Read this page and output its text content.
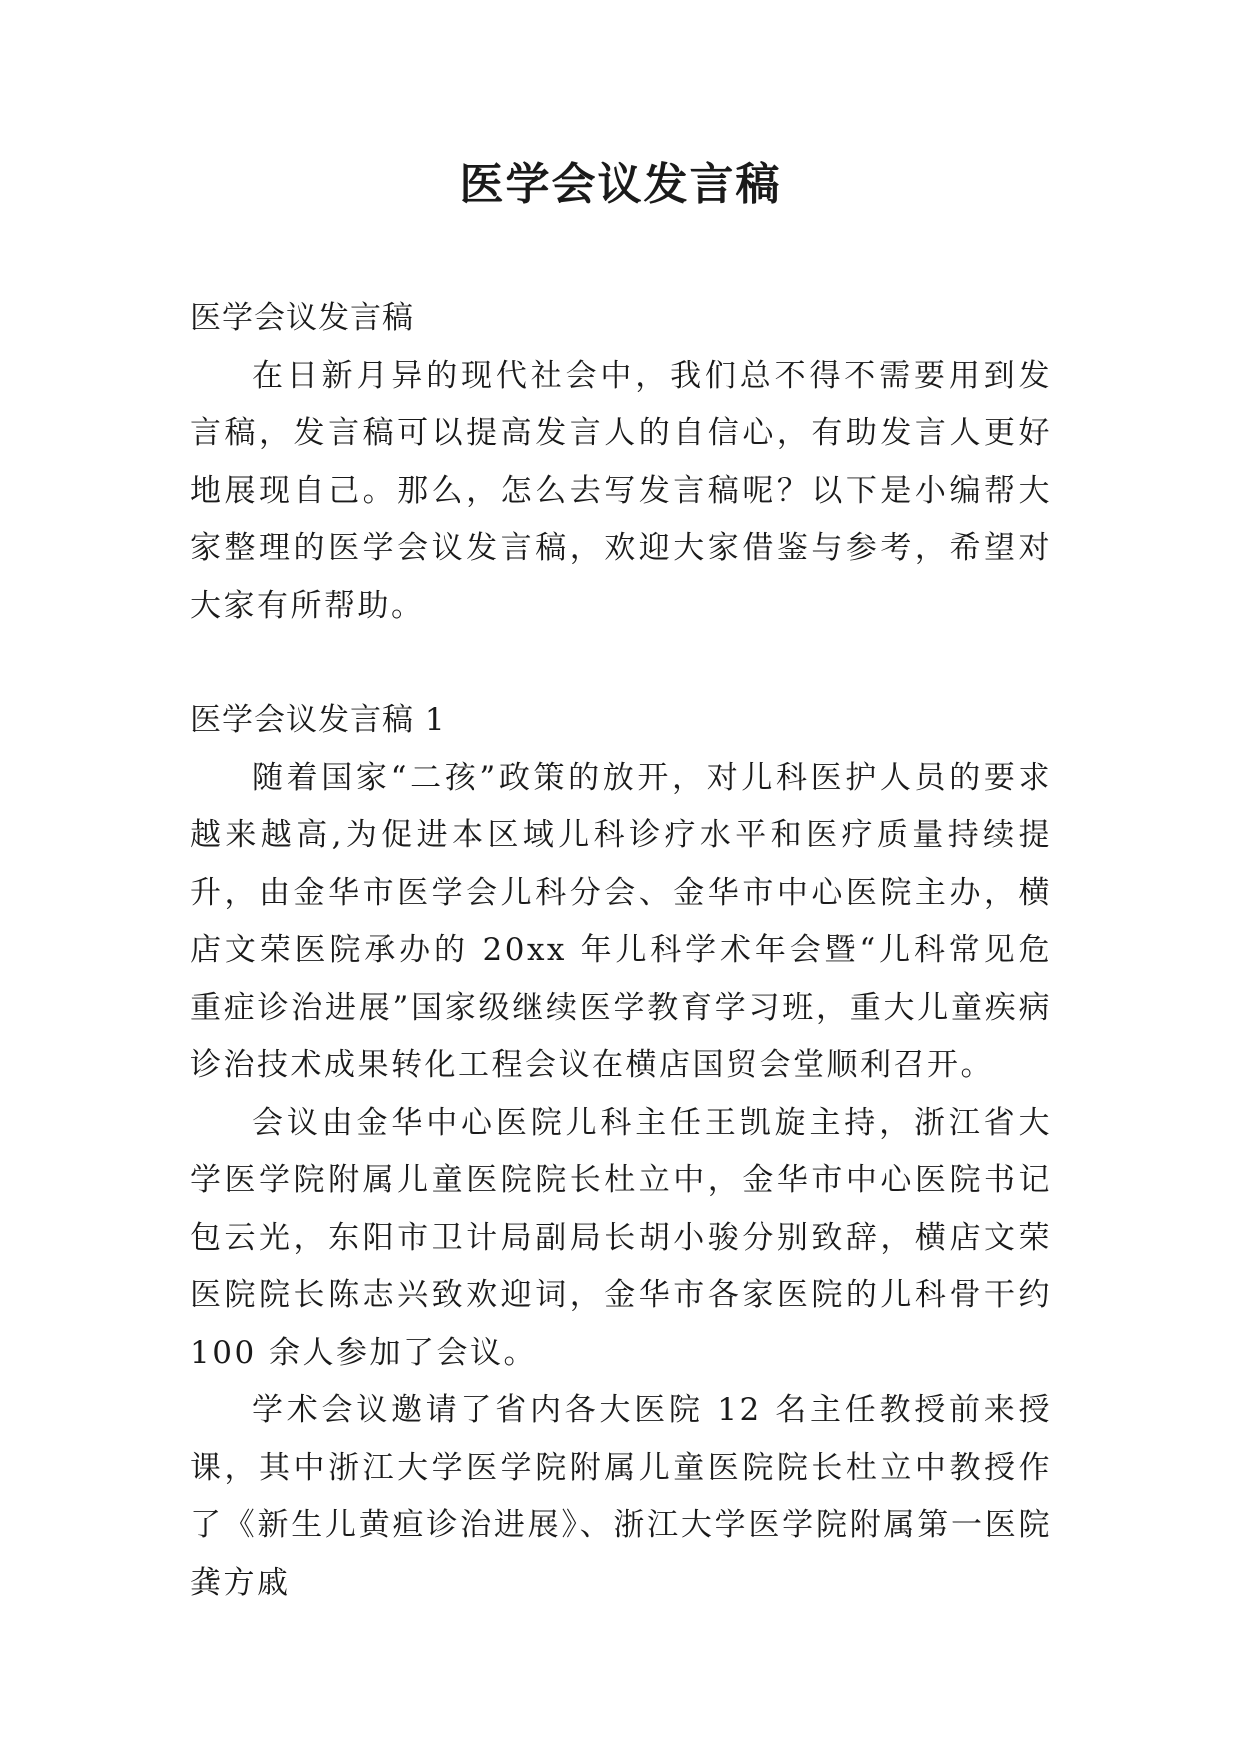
医学会议发言稿

医学会议发言稿

在日新月异的现代社会中，我们总不得不需要用到发言稿，发言稿可以提高发言人的自信心，有助发言人更好地展现自己。那么，怎么去写发言稿呢？以下是小编帮大家整理的医学会议发言稿，欢迎大家借鉴与参考，希望对大家有所帮助。

医学会议发言稿 1

随着国家“二孩”政策的放开，对儿科医护人员的要求越来越高,为促进本区域儿科诊疗水平和医疗质量持续提升，由金华市医学会儿科分会、金华市中心医院主办，横店文荣医院承办的 20xx 年儿科学术年会暨“儿科常见危重症诊治进展”国家级继续医学教育学习班，重大儿童疾病诊治技术成果转化工程会议在横店国贸会堂顺利召开。

会议由金华中心医院儿科主任王凯旋主持，浙江省大学医学院附属儿童医院院长杜立中，金华市中心医院书记包云光，东阳市卫计局副局长胡小骏分别致辞，横店文荣医院院长陈志兴致欢迎词，金华市各家医院的儿科骨干约 100 余人参加了会议。

学术会议邀请了省内各大医院 12 名主任教授前来授课，其中浙江大学医学院附属儿童医院院长杜立中教授作了《新生儿黄疸诊治进展》、浙江大学医学院附属第一医院龚方戚
